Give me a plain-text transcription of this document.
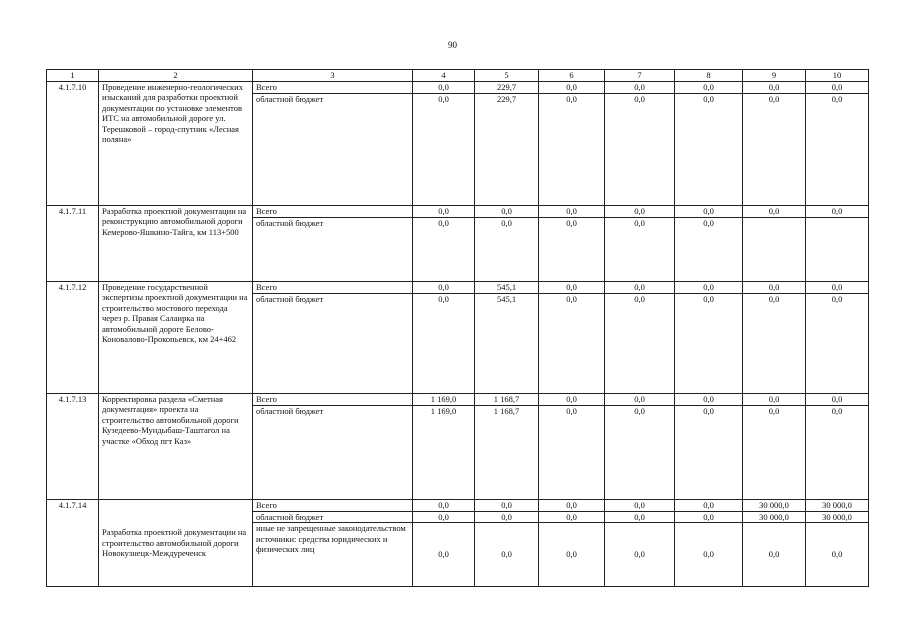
90
1	2	3	4	5	6	7	8	9	10
4.1.7.10	Проведение инженерно-геологических изысканий для разработки проектной документации по установке элементов ИТС на автомобильной дороге ул. Терешковой – город-спутник «Лесная поляна»	Всего	0,0	229,7	0,0	0,0	0,0	0,0	0,0
		областной бюджет	0,0	229,7	0,0	0,0	0,0	0,0	0,0
4.1.7.11	Разработка проектной документации на реконструкцию автомобильной дороги Кемерово-Яшкино-Тайга, км 113+500	Всего	0,0	0,0	0,0	0,0	0,0	0,0	0,0
		областной бюджет	0,0	0,0	0,0	0,0	0,0		
4.1.7.12	Проведение государственной экспертизы проектной документации на строительство мостового перехода через р. Правая Салаирка на автомобильной дороге Белово-Коновалово-Прокопьевск, км 24+462	Всего	0,0	545,1	0,0	0,0	0,0	0,0	0,0
		областной бюджет	0,0	545,1	0,0	0,0	0,0	0,0	0,0
4.1.7.13	Корректировка раздела «Сметная документация» проекта на строительство автомобильной дороги Кузедеево-Мундыбаш-Таштагол на участке «Обход пгт Каз»	Всего	1 169,0	1 168,7	0,0	0,0	0,0	0,0	0,0
		областной бюджет	1 169,0	1 168,7	0,0	0,0	0,0	0,0	0,0
4.1.7.14	Разработка проектной документации на строительство автомобильной дороги Новокузнецк-Междуреченск	Всего	0,0	0,0	0,0	0,0	0,0	30 000,0	30 000,0
		областной бюджет	0,0	0,0	0,0	0,0	0,0	30 000,0	30 000,0
		иные не запрещенные законодательством источники: средства юридических и физических лиц	0,0	0,0	0,0	0,0	0,0	0,0	0,0
